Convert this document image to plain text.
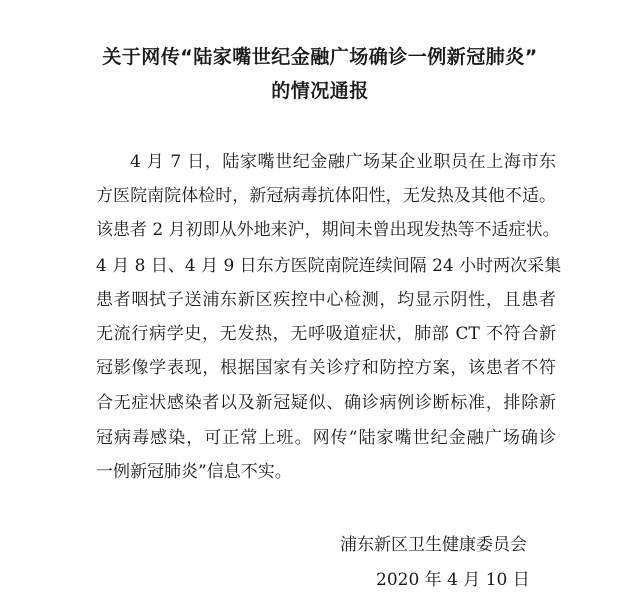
关于网传“陆家嘴世纪金融广场确诊一例新冠肺炎”
的情况通报
4 月 7 日，陆家嘴世纪金融广场某企业职员在上海市东
方医院南院体检时，新冠病毒抗体阳性，无发热及其他不适。
该患者 2 月初即从外地来沪，期间未曾出现发热等不适症状。
4 月 8 日、4 月 9 日东方医院南院连续间隔 24 小时两次采集
患者咽拭子送浦东新区疾控中心检测，均显示阴性，且患者
无流行病学史，无发热，无呼吸道症状，肺部 CT 不符合新
冠影像学表现，根据国家有关诊疗和防控方案，该患者不符
合无症状感染者以及新冠疑似、确诊病例诊断标准，排除新
冠病毒感染，可正常上班。网传“陆家嘴世纪金融广场确诊
一例新冠肺炎”信息不实。
浦东新区卫生健康委员会
2020 年 4 月 10 日
